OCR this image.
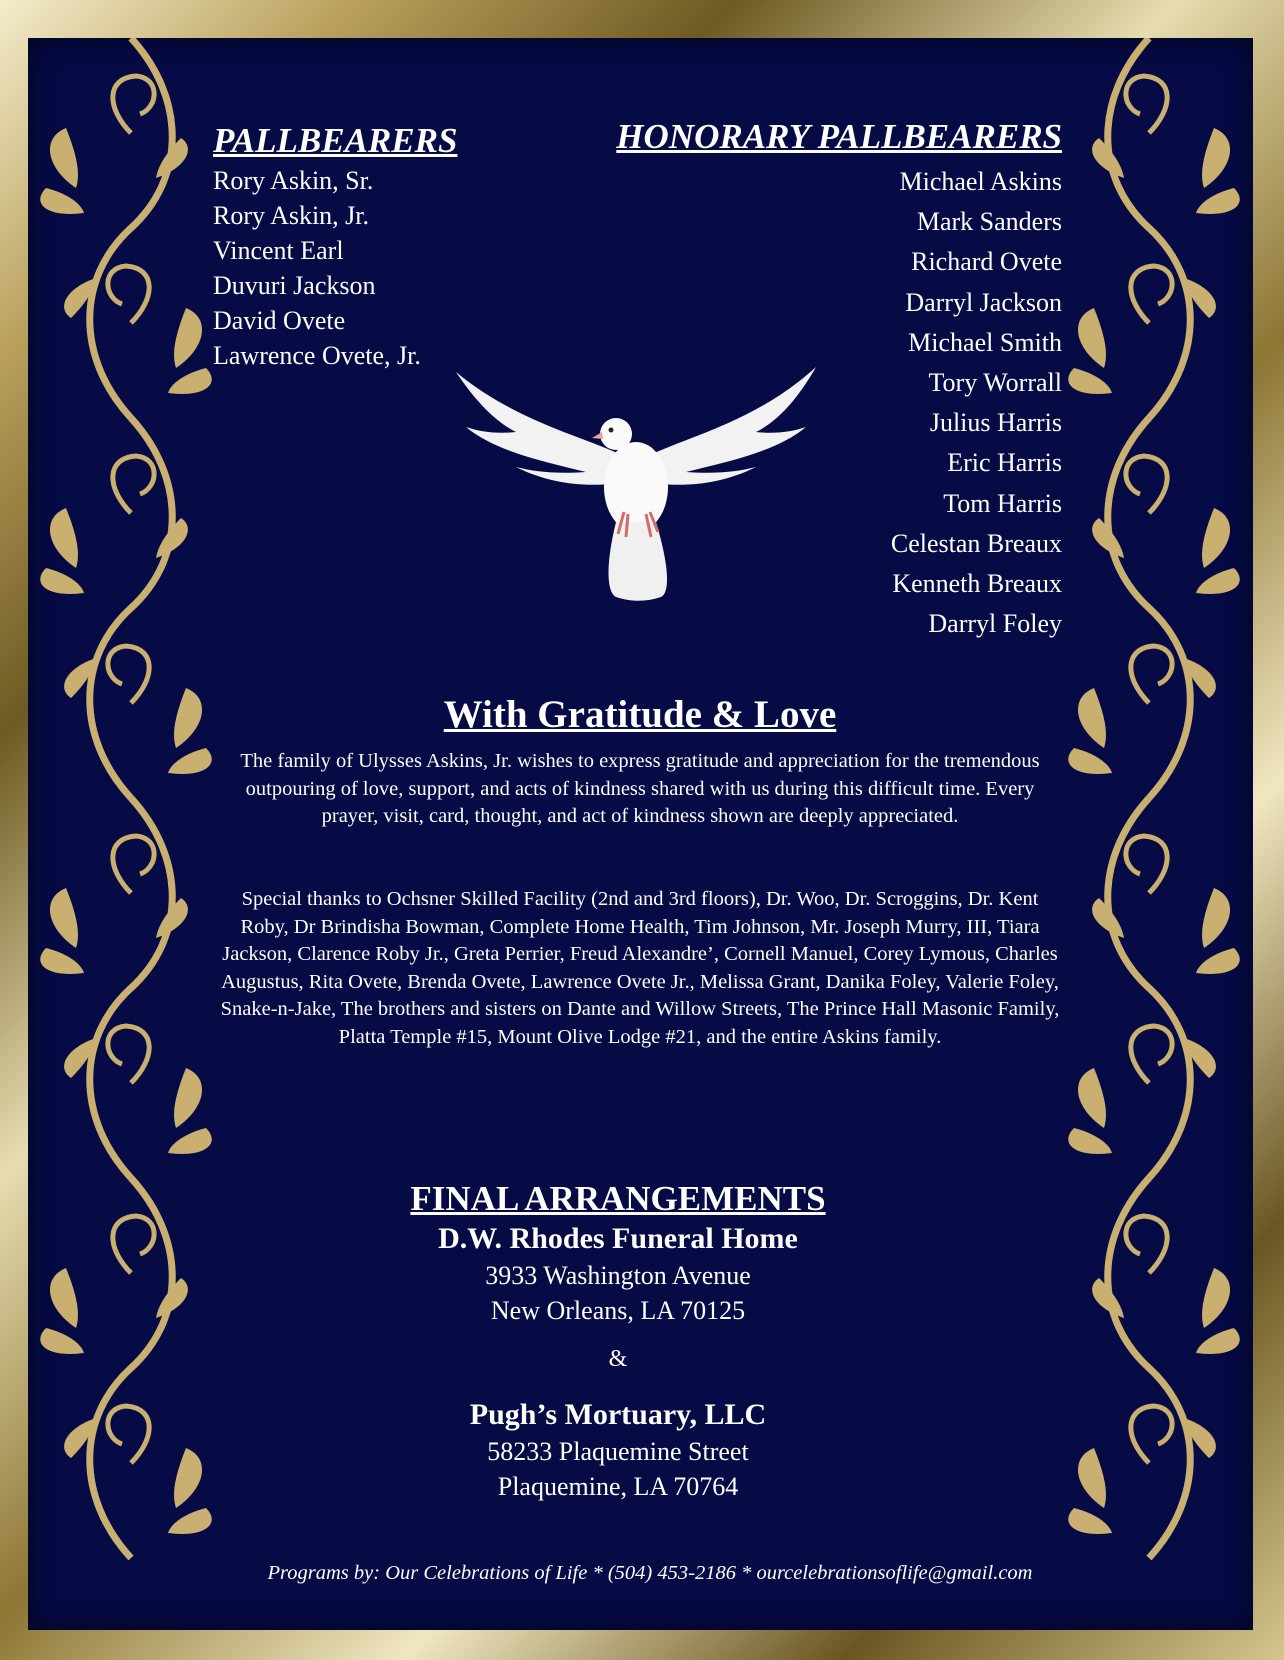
PALLBEARERS
Rory Askin, Sr.
Rory Askin, Jr.
Vincent Earl
Duvuri Jackson
David Ovete
Lawrence Ovete, Jr.
HONORARY PALLBEARERS
Michael Askins
Mark Sanders
Richard Ovete
Darryl Jackson
Michael Smith
Tory Worrall
Julius Harris
Eric Harris
Tom Harris
Celestan Breaux
Kenneth Breaux
Darryl Foley
With Gratitude & Love
The family of Ulysses Askins, Jr. wishes to express gratitude and appreciation for the tremendous outpouring of love, support, and acts of kindness shared with us during this difficult time. Every prayer, visit, card, thought, and act of kindness shown are deeply appreciated.
Special thanks to Ochsner Skilled Facility (2nd and 3rd floors), Dr. Woo, Dr. Scroggins, Dr. Kent Roby, Dr Brindisha Bowman, Complete Home Health, Tim Johnson, Mr. Joseph Murry, III, Tiara Jackson, Clarence Roby Jr., Greta Perrier, Freud Alexandre’, Cornell Manuel, Corey Lymous, Charles Augustus, Rita Ovete, Brenda Ovete, Lawrence Ovete Jr., Melissa Grant, Danika Foley, Valerie Foley, Snake-n-Jake, The brothers and sisters on Dante and Willow Streets, The Prince Hall Masonic Family, Platta Temple #15, Mount Olive Lodge #21, and the entire Askins family.
FINAL ARRANGEMENTS
D.W. Rhodes Funeral Home
3933 Washington Avenue
New Orleans, LA 70125
&
Pugh’s Mortuary, LLC
58233 Plaquemine Street
Plaquemine, LA 70764
Programs by: Our Celebrations of Life * (504) 453-2186 * ourcelebrationsoflife@gmail.com
